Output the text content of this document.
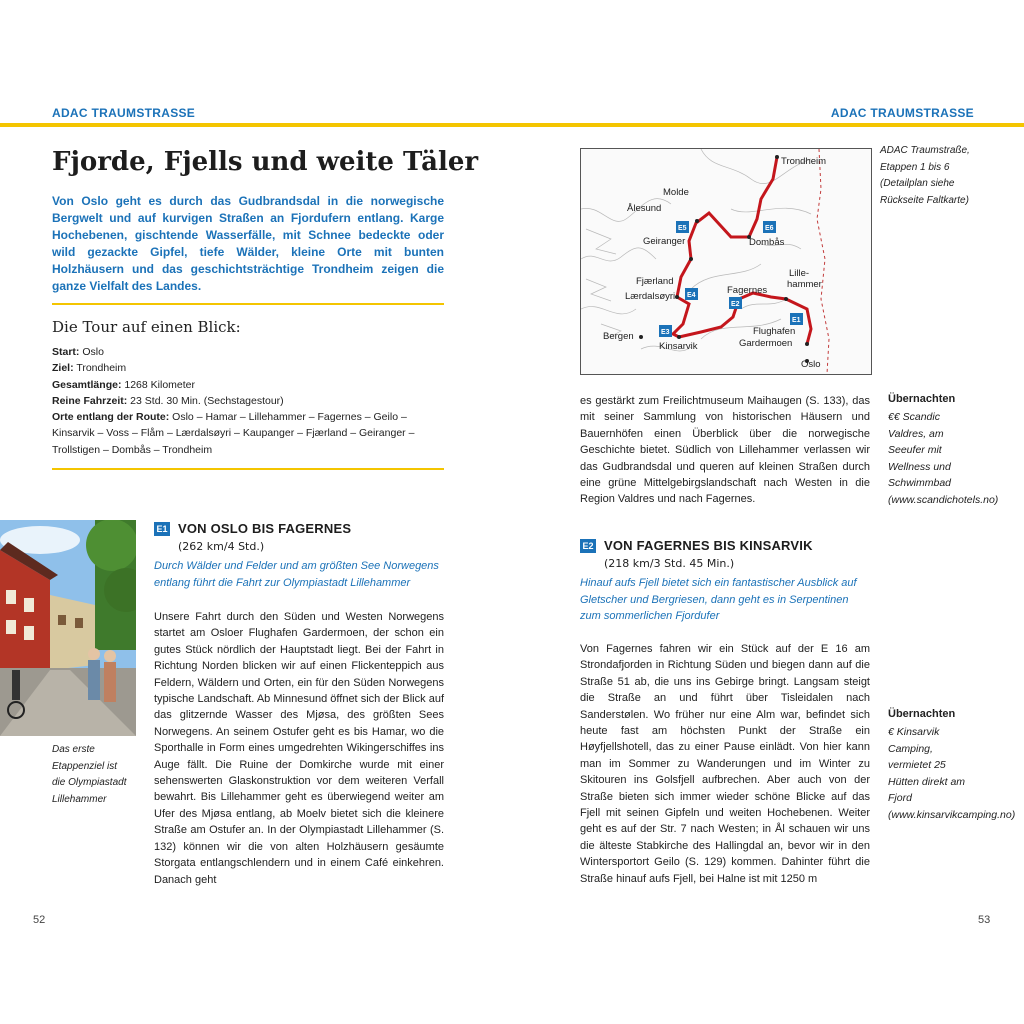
ADAC TRAUMSTRASSE	ADAC TRAUMSTRASSE
Fjorde, Fjells und weite Täler
Von Oslo geht es durch das Gudbrandsdal in die norwegische Bergwelt und auf kurvigen Straßen an Fjordufern entlang. Karge Hochebenen, gischtende Wasserfälle, mit Schnee bedeckte oder wild gezackte Gipfel, tiefe Wälder, kleine Orte mit bunten Holzhäusern und das geschichtsträchtige Trondheim zeigen die ganze Vielfalt des Landes.
Die Tour auf einen Blick:
Start: Oslo
Ziel: Trondheim
Gesamtlänge: 1268 Kilometer
Reine Fahrzeit: 23 Std. 30 Min. (Sechstagestour)
Orte entlang der Route: Oslo – Hamar – Lillehammer – Fagernes – Geilo – Kinsarvik – Voss – Flåm – Lærdalsøyri – Kaupanger – Fjærland – Geiranger – Trollstigen – Dombås – Trondheim
Das erste Etappenziel ist die Olympiastadt Lillehammer
E1 VON OSLO BIS FAGERNES
(262 km/4 Std.)
Durch Wälder und Felder und am größten See Norwegens entlang führt die Fahrt zur Olympiastadt Lillehammer
Unsere Fahrt durch den Süden und Westen Norwegens startet am Osloer Flughafen Gardermoen, der schon ein gutes Stück nördlich der Hauptstadt liegt. Bei der Fahrt in Richtung Norden blicken wir auf einen Flickenteppich aus Feldern, Wäldern und Orten, ein für den Süden Norwegens typische Landschaft. Ab Minnesund öffnet sich der Blick auf das glitzernde Wasser des Mjøsa, des größten Sees Norwegens. An seinem Ostufer geht es bis Hamar, wo die Sporthalle in Form eines umgedrehten Wikingerschiffes ins Auge fällt. Die Ruine der Domkirche wurde mit einer sehenswerten Glaskonstruktion vor dem weiteren Verfall bewahrt. Bis Lillehammer geht es überwiegend weiter am Ufer des Mjøsa entlang, ab Moelv bietet sich die kleinere Straße am Ostufer an. In der Olympiastadt Lillehammer (S. 132) können wir die von alten Holzhäusern gesäumte Storgata entlangschlendern und in einem Café einkehren. Danach geht
Trondheim
Molde
Ålesund
Geiranger	Dombås
Fjærland
Lærdalsøyri
Lille-
hammer
Fagernes
Bergen
Kinsarvik
Flughafen
Gardermoen
Oslo
E1
E2
E3
E4
E5	E6
ADAC Traumstraße, Etappen 1 bis 6 (Detailplan siehe Rückseite Faltkarte)
es gestärkt zum Freilichtmuseum Maihaugen (S. 133), das mit seiner Sammlung von historischen Häusern und Bauernhöfen einen Überblick über die norwegische Geschichte bietet. Südlich von Lillehammer verlassen wir das Gudbrandsdal und queren auf kleinen Straßen durch eine grüne Mittelgebirgslandschaft nach Westen in die Region Valdres und nach Fagernes.
Übernachten
€€ Scandic Valdres, am Seeufer mit Wellness und Schwimmbad (www.scandichotels.no)
E2 VON FAGERNES BIS KINSARVIK
(218 km/3 Std. 45 Min.)
Hinauf aufs Fjell bietet sich ein fantastischer Ausblick auf Gletscher und Bergriesen, dann geht es in Serpentinen zum sommerlichen Fjordufer
Von Fagernes fahren wir ein Stück auf der E 16 am Strondafjorden in Richtung Süden und biegen dann auf die Straße 51 ab, die uns ins Gebirge bringt. Langsam steigt die Straße an und führt über Tisleidalen nach Sanderstølen. Wo früher nur eine Alm war, befindet sich heute fast am höchsten Punkt der Straße ein Høyfjellshotell, das zu einer Pause einlädt. Von hier kann man im Sommer zu Wanderungen und im Winter zu Skitouren ins Golsfjell aufbrechen. Aber auch von der Straße bieten sich immer wieder schöne Blicke auf das Fjell mit seinen Gipfeln und weiten Hochebenen. Weiter geht es auf der Str. 7 nach Westen; in Ål schauen wir uns die älteste Stabkirche des Hallingdal an, bevor wir in den Wintersportort Geilo (S. 129) kommen. Dahinter führt die Straße hinauf aufs Fjell, bei Halne ist mit 1250 m
Übernachten
€ Kinsarvik Camping, vermietet 25 Hütten direkt am Fjord (www.kinsarvikcamping.no)
52	53
